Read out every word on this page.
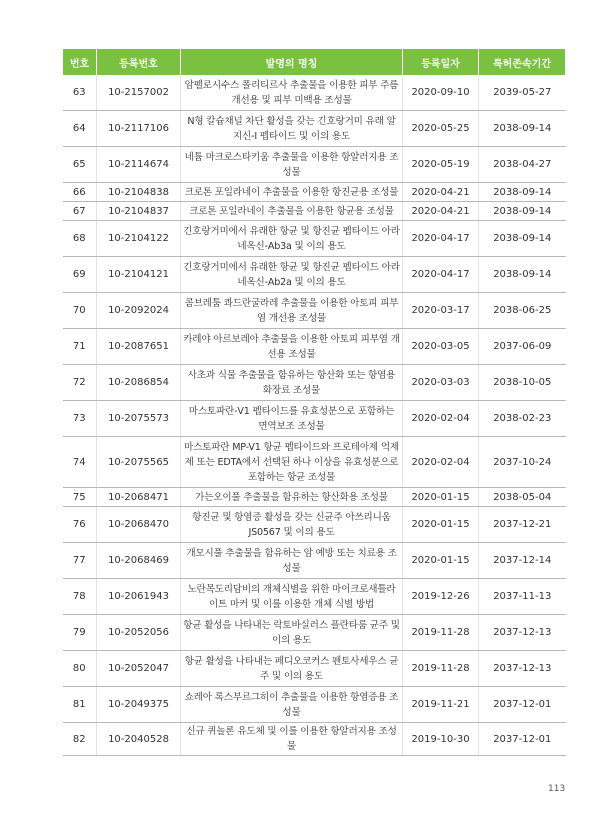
번호	등록번호	발명의 명칭	등록일자	특허존속기간
63	10-2157002	암펠로시수스 폴리티르사 추출물을 이용한 피부 주름 개선용 및 피부 미백용 조성물	2020-09-10	2039-05-27
64	10-2117106	N형 칼슘채널 차단 활성을 갖는 긴호랑거미 유래 알지신-Ⅰ 펩타이드 및 이의 용도	2020-05-25	2038-09-14
65	10-2114674	네튬 마크로스타키움 추출물을 이용한 항알러지용 조성물	2020-05-19	2038-04-27
66	10-2104838	크로톤 포일라네이 추출물을 이용한 항진균용 조성물	2020-04-21	2038-09-14
67	10-2104837	크로톤 포일라네이 추출물을 이용한 항균용 조성물	2020-04-21	2038-09-14
68	10-2104122	긴호랑거미에서 유래한 항균 및 항진균 펩타이드 아라네옥신-Ab3a 및 이의 용도	2020-04-17	2038-09-14
69	10-2104121	긴호랑거미에서 유래한 항균 및 항진균 펩타이드 아라네옥신-Ab2a 및 이의 용도	2020-04-17	2038-09-14
70	10-2092024	콤브레툼 콰드란굴라레 추출물을 이용한 아토피 피부염 개선용 조성물	2020-03-17	2038-06-25
71	10-2087651	카레야 아르보레아 추출물을 이용한 아토피 피부염 개선용 조성물	2020-03-05	2037-06-09
72	10-2086854	사초과 식물 추출물을 함유하는 항산화 또는 항염용 화장료 조성물	2020-03-03	2038-10-05
73	10-2075573	마스토파란-V1 펩타이드를 유효성분으로 포함하는 면역보조 조성물	2020-02-04	2038-02-23
74	10-2075565	마스토파란 MP-V1 항균 펩타이드와 프로테아제 억제제 또는 EDTA에서 선택된 하나 이상을 유효성분으로 포함하는 항균 조성물	2020-02-04	2037-10-24
75	10-2068471	가는오이풀 추출물을 함유하는 항산화용 조성물	2020-01-15	2038-05-04
76	10-2068470	항진균 및 항염증 활성을 갖는 신균주 아쓰리니움 JS0567 및 이의 용도	2020-01-15	2037-12-21
77	10-2068469	개모시풀 추출물을 함유하는 암 예방 또는 치료용 조성물	2020-01-15	2037-12-14
78	10-2061943	노란목도리담비의 개체식별을 위한 마이크로새틀라이트 마커 및 이를 이용한 개체 식별 방법	2019-12-26	2037-11-13
79	10-2052056	항균 활성을 나타내는 락토바실러스 플란타룸 균주 및 이의 용도	2019-11-28	2037-12-13
80	10-2052047	항균 활성을 나타내는 페디오코커스 펜토사세우스 균주 및 이의 용도	2019-11-28	2037-12-13
81	10-2049375	쇼레아 록스부르그히이 추출물을 이용한 항염증용 조성물	2019-11-21	2037-12-01
82	10-2040528	신규 퀴놀론 유도체 및 이를 이용한 항알러지용 조성물	2019-10-30	2037-12-01
113
